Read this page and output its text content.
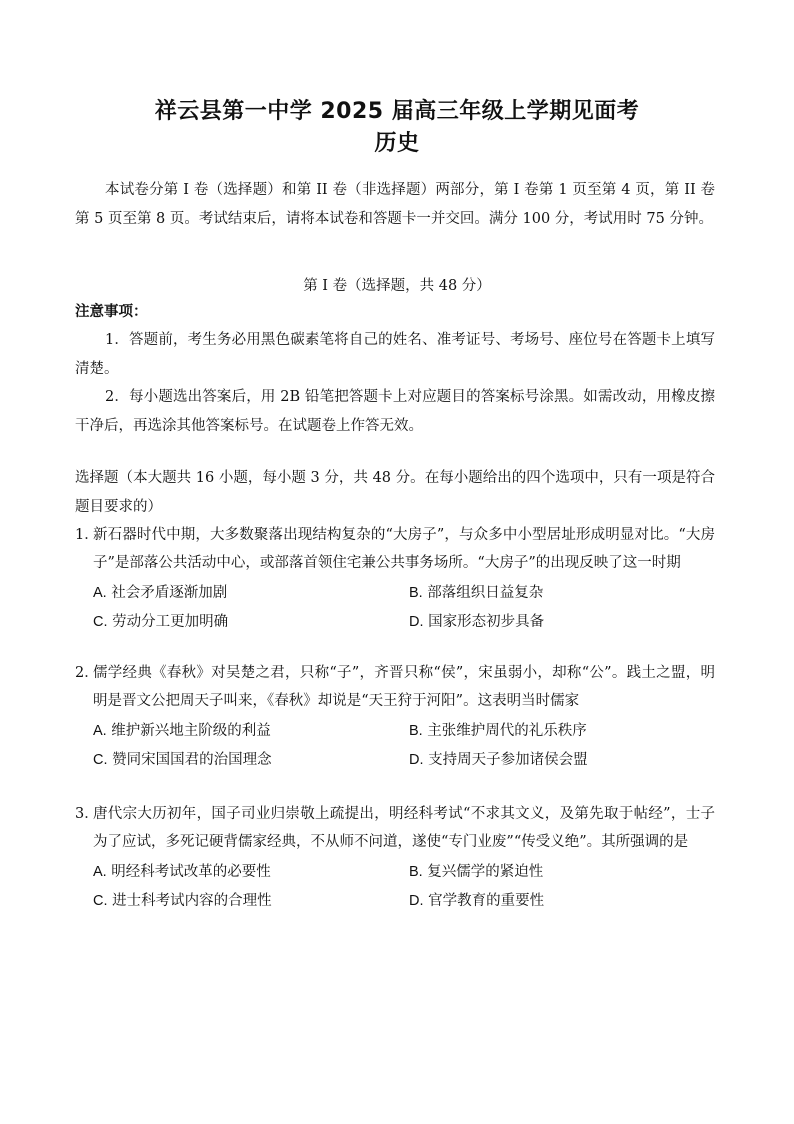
祥云县第一中学 2025 届高三年级上学期见面考
历史
本试卷分第 I 卷（选择题）和第 II 卷（非选择题）两部分，第 I 卷第 1 页至第 4 页，第 II 卷第 5 页至第 8 页。考试结束后，请将本试卷和答题卡一并交回。满分 100 分，考试用时 75 分钟。
第 I 卷（选择题，共 48 分）
注意事项：
1．答题前，考生务必用黑色碳素笔将自己的姓名、准考证号、考场号、座位号在答题卡上填写清楚。
2．每小题选出答案后，用 2B 铅笔把答题卡上对应题目的答案标号涂黑。如需改动，用橡皮擦干净后，再选涂其他答案标号。在试题卷上作答无效。
选择题（本大题共 16 小题，每小题 3 分，共 48 分。在每小题给出的四个选项中，只有一项是符合题目要求的）
1．
新石器时代中期，大多数聚落出现结构复杂的“大房子”，与众多中小型居址形成明显对比。“大房子”是部落公共活动中心，或部落首领住宅兼公共事务场所。“大房子”的出现反映了这一时期
A. 社会矛盾逐渐加剧	B. 部落组织日益复杂
C. 劳动分工更加明确	D. 国家形态初步具备
2．
儒学经典《春秋》对吴楚之君，只称“子”，齐晋只称“侯”，宋虽弱小，却称“公”。践土之盟，明明是晋文公把周天子叫来，《春秋》却说是“天王狩于河阳”。这表明当时儒家
A. 维护新兴地主阶级的利益	B. 主张维护周代的礼乐秩序
C. 赞同宋国国君的治国理念	D. 支持周天子参加诸侯会盟
3．
唐代宗大历初年，国子司业归崇敬上疏提出，明经科考试“不求其文义，及第先取于帖经”，士子为了应试，多死记硬背儒家经典，不从师不问道，遂使“专门业废”“传受义绝”。其所强调的是
A. 明经科考试改革的必要性	B. 复兴儒学的紧迫性
C. 进士科考试内容的合理性	D. 官学教育的重要性
